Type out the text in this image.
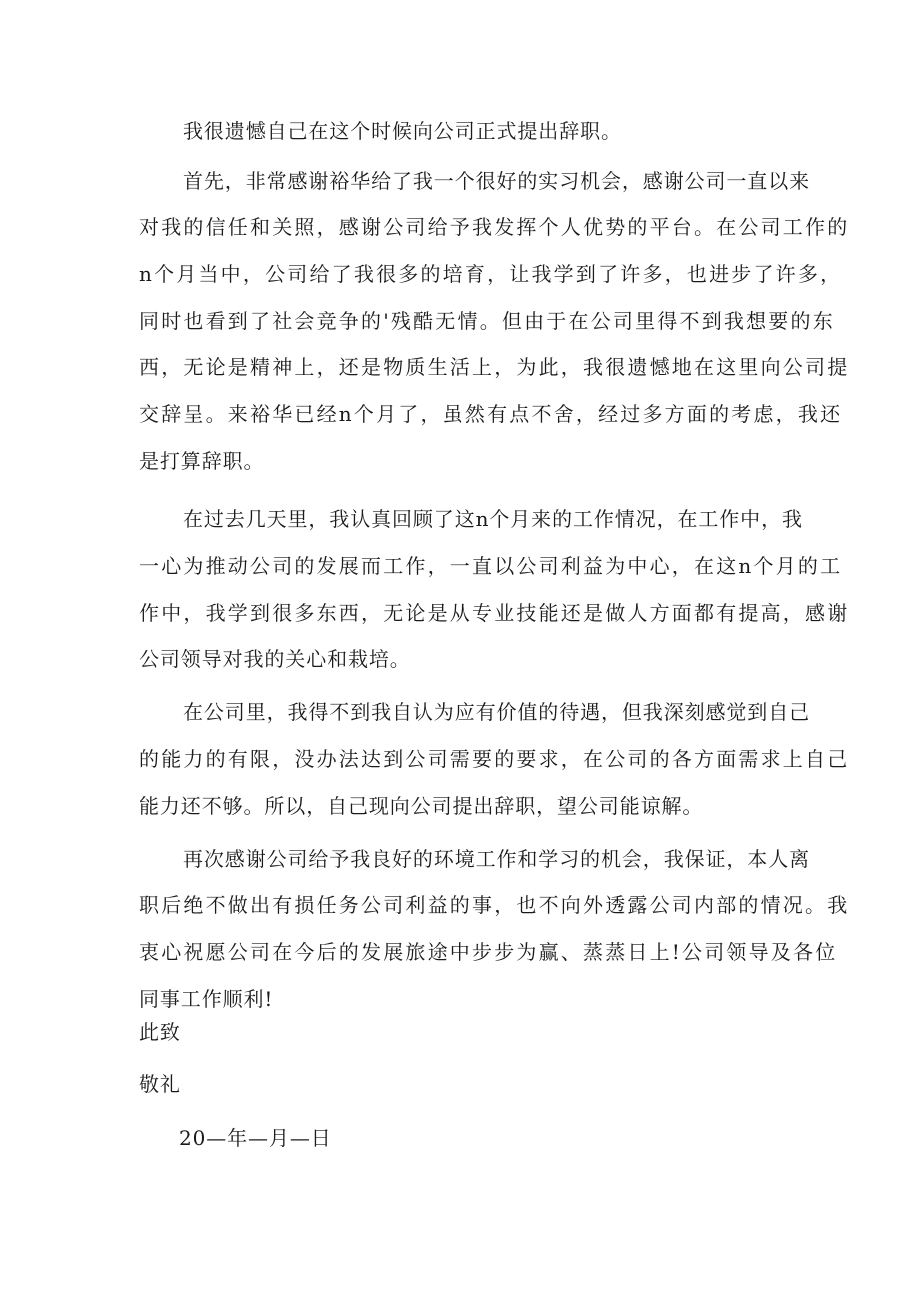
我很遗憾自己在这个时候向公司正式提出辞职。
首先，非常感谢裕华给了我一个很好的实习机会，感谢公司一直以来
对我的信任和关照，感谢公司给予我发挥个人优势的平台。在公司工作的
n个月当中，公司给了我很多的培育，让我学到了许多，也进步了许多，
同时也看到了社会竞争的'残酷无情。但由于在公司里得不到我想要的东
西，无论是精神上，还是物质生活上，为此，我很遗憾地在这里向公司提
交辞呈。来裕华已经n个月了，虽然有点不舍，经过多方面的考虑，我还
是打算辞职。
在过去几天里，我认真回顾了这n个月来的工作情况，在工作中，我
一心为推动公司的发展而工作，一直以公司利益为中心，在这n个月的工
作中，我学到很多东西，无论是从专业技能还是做人方面都有提高，感谢
公司领导对我的关心和栽培。
在公司里，我得不到我自认为应有价值的待遇，但我深刻感觉到自己
的能力的有限，没办法达到公司需要的要求，在公司的各方面需求上自己
能力还不够。所以，自己现向公司提出辞职，望公司能谅解。
再次感谢公司给予我良好的环境工作和学习的机会，我保证，本人离
职后绝不做出有损任务公司利益的事，也不向外透露公司内部的情况。我
衷心祝愿公司在今后的发展旅途中步步为赢、蒸蒸日上!公司领导及各位
同事工作顺利!
此致
敬礼
20—年—月—日
